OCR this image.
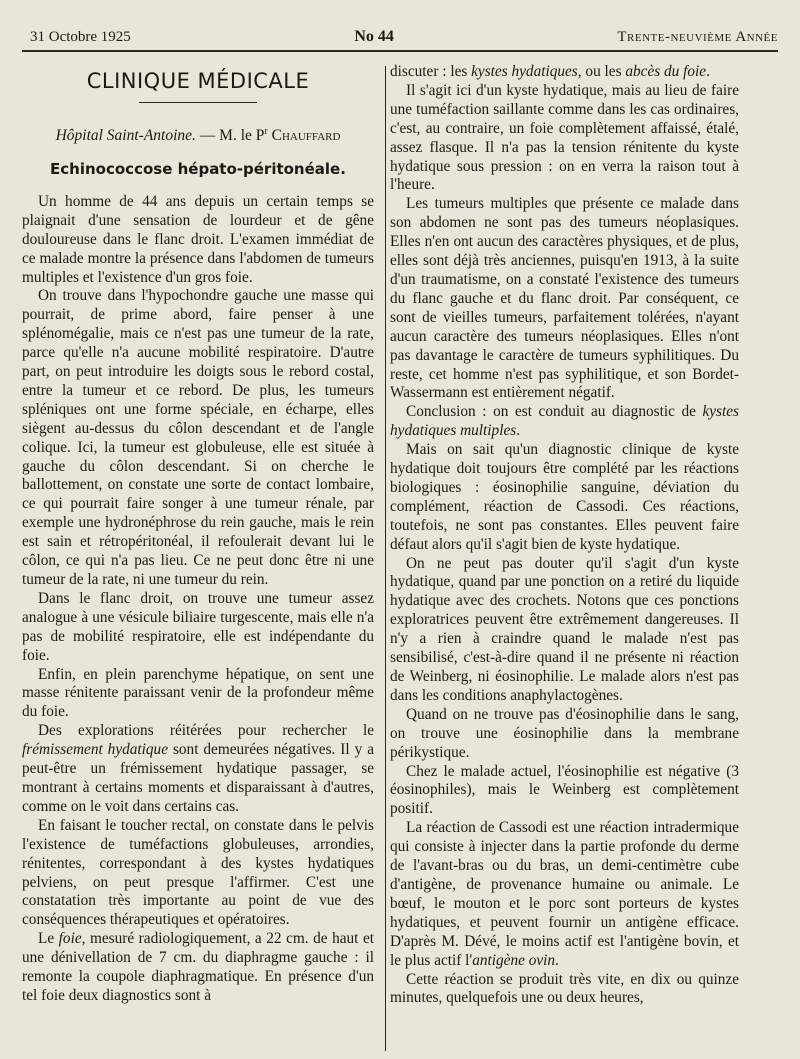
31 Octobre 1925	No 44	Trente-neuvième Année
CLINIQUE MÉDICALE
Hôpital Saint-Antoine. — M. le $P^r$ Chauffard
Echinococcose hépato-péritonéale.

Un homme de 44 ans depuis un certain temps se plaignait d'une sensation de lourdeur et de gêne douloureuse dans le flanc droit. L'examen immédiat de ce malade montre la présence dans l'abdomen de tumeurs multiples et l'existence d'un gros foie.

On trouve dans l'hypochondre gauche une masse qui pourrait, de prime abord, faire penser à une splénomégalie, mais ce n'est pas une tumeur de la rate, parce qu'elle n'a aucune mobilité respiratoire. D'autre part, on peut introduire les doigts sous le rebord costal, entre la tumeur et ce rebord. De plus, les tumeurs spléniques ont une forme spéciale, en écharpe, elles siègent au-dessus du côlon descendant et de l'angle colique. Ici, la tumeur est globuleuse, elle est située à gauche du côlon descendant. Si on cherche le ballottement, on constate une sorte de contact lombaire, ce qui pourrait faire songer à une tumeur rénale, par exemple une hydronéphrose du rein gauche, mais le rein est sain et rétropéritonéal, il refoulerait devant lui le côlon, ce qui n'a pas lieu. Ce ne peut donc être ni une tumeur de la rate, ni une tumeur du rein.

Dans le flanc droit, on trouve une tumeur assez analogue à une vésicule biliaire turgescente, mais elle n'a pas de mobilité respiratoire, elle est indépendante du foie.

Enfin, en plein parenchyme hépatique, on sent une masse rénitente paraissant venir de la profondeur même du foie.

Des explorations réitérées pour rechercher le frémissement hydatique sont demeurées négatives. Il y a peut-être un frémissement hydatique passager, se montrant à certains moments et disparaissant à d'autres, comme on le voit dans certains cas.

En faisant le toucher rectal, on constate dans le pelvis l'existence de tuméfactions globuleuses, arrondies, rénitentes, correspondant à des kystes hydatiques pelviens, on peut presque l'affirmer. C'est une constatation très importante au point de vue des conséquences thérapeutiques et opératoires.

Le foie, mesuré radiologiquement, a 22 cm. de haut et une dénivellation de 7 cm. du diaphragme gauche : il remonte la coupole diaphragmatique. En présence d'un tel foie deux diagnostics sont à

discuter : les kystes hydatiques, ou les abcès du foie.

Il s'agit ici d'un kyste hydatique, mais au lieu de faire une tuméfaction saillante comme dans les cas ordinaires, c'est, au contraire, un foie complètement affaissé, étalé, assez flasque. Il n'a pas la tension rénitente du kyste hydatique sous pression : on en verra la raison tout à l'heure.

Les tumeurs multiples que présente ce malade dans son abdomen ne sont pas des tumeurs néoplasiques. Elles n'en ont aucun des caractères physiques, et de plus, elles sont déjà très anciennes, puisqu'en 1913, à la suite d'un traumatisme, on a constaté l'existence des tumeurs du flanc gauche et du flanc droit. Par conséquent, ce sont de vieilles tumeurs, parfaitement tolérées, n'ayant aucun caractère des tumeurs néoplasiques. Elles n'ont pas davantage le caractère de tumeurs syphilitiques. Du reste, cet homme n'est pas syphilitique, et son Bordet-Wassermann est entièrement négatif.

Conclusion : on est conduit au diagnostic de kystes hydatiques multiples.

Mais on sait qu'un diagnostic clinique de kyste hydatique doit toujours être complété par les réactions biologiques : éosinophilie sanguine, déviation du complément, réaction de Cassodi. Ces réactions, toutefois, ne sont pas constantes. Elles peuvent faire défaut alors qu'il s'agit bien de kyste hydatique.

On ne peut pas douter qu'il s'agit d'un kyste hydatique, quand par une ponction on a retiré du liquide hydatique avec des crochets. Notons que ces ponctions exploratrices peuvent être extrêmement dangereuses. Il n'y a rien à craindre quand le malade n'est pas sensibilisé, c'est-à-dire quand il ne présente ni réaction de Weinberg, ni éosinophilie. Le malade alors n'est pas dans les conditions anaphylactogènes.

Quand on ne trouve pas d'éosinophilie dans le sang, on trouve une éosinophilie dans la membrane périkystique.

Chez le malade actuel, l'éosinophilie est négative (3 éosinophiles), mais le Weinberg est complètement positif.

La réaction de Cassodi est une réaction intradermique qui consiste à injecter dans la partie profonde du derme de l'avant-bras ou du bras, un demi-centimètre cube d'antigène, de provenance humaine ou animale. Le bœuf, le mouton et le porc sont porteurs de kystes hydatiques, et peuvent fournir un antigène efficace. D'après M. Dévé, le moins actif est l'antigène bovin, et le plus actif l'antigène ovin.

Cette réaction se produit très vite, en dix ou quinze minutes, quelquefois une ou deux heures,
